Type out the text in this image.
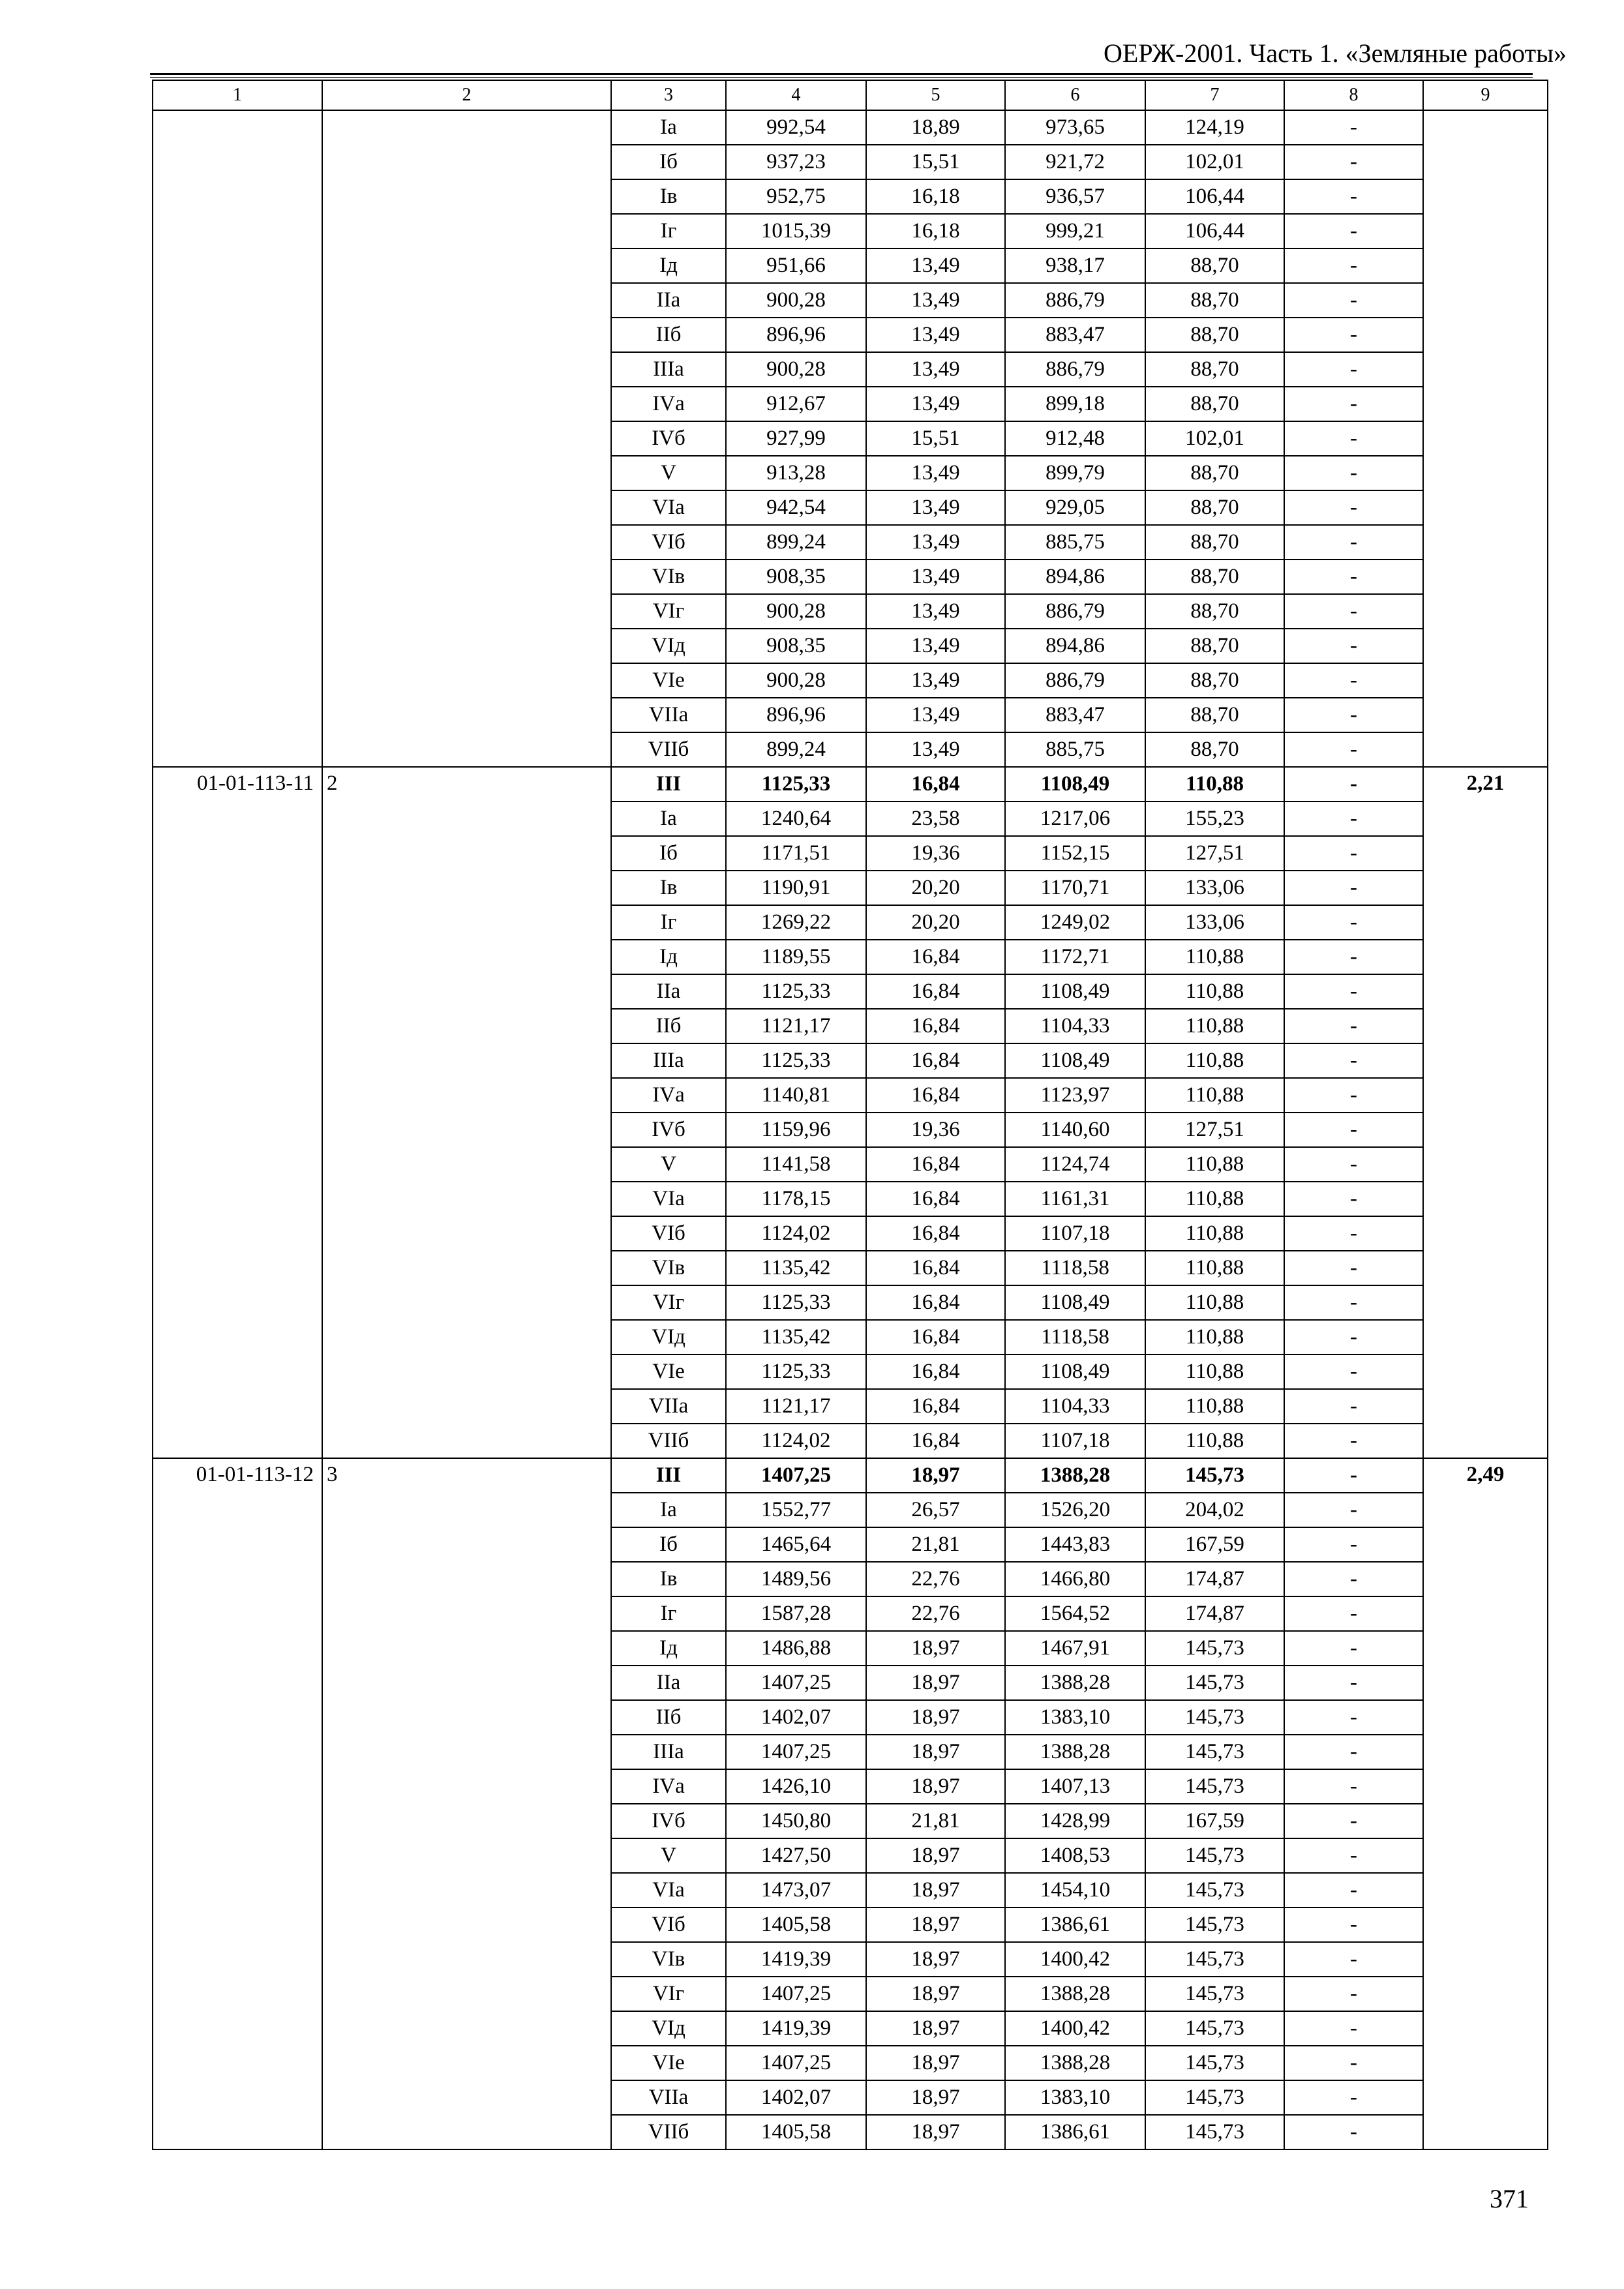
ОЕРЖ-2001. Часть 1. «Земляные работы»
1	2	3	4	5	6	7	8	9
		Iа	992,54	18,89	973,65	124,19	-	
		Iб	937,23	15,51	921,72	102,01	-	
		Iв	952,75	16,18	936,57	106,44	-	
		Iг	1015,39	16,18	999,21	106,44	-	
		Iд	951,66	13,49	938,17	88,70	-	
		IIа	900,28	13,49	886,79	88,70	-	
		IIб	896,96	13,49	883,47	88,70	-	
		IIIа	900,28	13,49	886,79	88,70	-	
		IVа	912,67	13,49	899,18	88,70	-	
		IVб	927,99	15,51	912,48	102,01	-	
		V	913,28	13,49	899,79	88,70	-	
		VIа	942,54	13,49	929,05	88,70	-	
		VIб	899,24	13,49	885,75	88,70	-	
		VIв	908,35	13,49	894,86	88,70	-	
		VIг	900,28	13,49	886,79	88,70	-	
		VIд	908,35	13,49	894,86	88,70	-	
		VIе	900,28	13,49	886,79	88,70	-	
		VIIа	896,96	13,49	883,47	88,70	-	
		VIIб	899,24	13,49	885,75	88,70	-	
01-01-113-11	2	III	1125,33	16,84	1108,49	110,88	-	2,21
		Iа	1240,64	23,58	1217,06	155,23	-	
		Iб	1171,51	19,36	1152,15	127,51	-	
		Iв	1190,91	20,20	1170,71	133,06	-	
		Iг	1269,22	20,20	1249,02	133,06	-	
		Iд	1189,55	16,84	1172,71	110,88	-	
		IIа	1125,33	16,84	1108,49	110,88	-	
		IIб	1121,17	16,84	1104,33	110,88	-	
		IIIа	1125,33	16,84	1108,49	110,88	-	
		IVа	1140,81	16,84	1123,97	110,88	-	
		IVб	1159,96	19,36	1140,60	127,51	-	
		V	1141,58	16,84	1124,74	110,88	-	
		VIа	1178,15	16,84	1161,31	110,88	-	
		VIб	1124,02	16,84	1107,18	110,88	-	
		VIв	1135,42	16,84	1118,58	110,88	-	
		VIг	1125,33	16,84	1108,49	110,88	-	
		VIд	1135,42	16,84	1118,58	110,88	-	
		VIе	1125,33	16,84	1108,49	110,88	-	
		VIIа	1121,17	16,84	1104,33	110,88	-	
		VIIб	1124,02	16,84	1107,18	110,88	-	
01-01-113-12	3	III	1407,25	18,97	1388,28	145,73	-	2,49
		Iа	1552,77	26,57	1526,20	204,02	-	
		Iб	1465,64	21,81	1443,83	167,59	-	
		Iв	1489,56	22,76	1466,80	174,87	-	
		Iг	1587,28	22,76	1564,52	174,87	-	
		Iд	1486,88	18,97	1467,91	145,73	-	
		IIа	1407,25	18,97	1388,28	145,73	-	
		IIб	1402,07	18,97	1383,10	145,73	-	
		IIIа	1407,25	18,97	1388,28	145,73	-	
		IVа	1426,10	18,97	1407,13	145,73	-	
		IVб	1450,80	21,81	1428,99	167,59	-	
		V	1427,50	18,97	1408,53	145,73	-	
		VIа	1473,07	18,97	1454,10	145,73	-	
		VIб	1405,58	18,97	1386,61	145,73	-	
		VIв	1419,39	18,97	1400,42	145,73	-	
		VIг	1407,25	18,97	1388,28	145,73	-	
		VIд	1419,39	18,97	1400,42	145,73	-	
		VIе	1407,25	18,97	1388,28	145,73	-	
		VIIа	1402,07	18,97	1383,10	145,73	-	
		VIIб	1405,58	18,97	1386,61	145,73	-	
371
